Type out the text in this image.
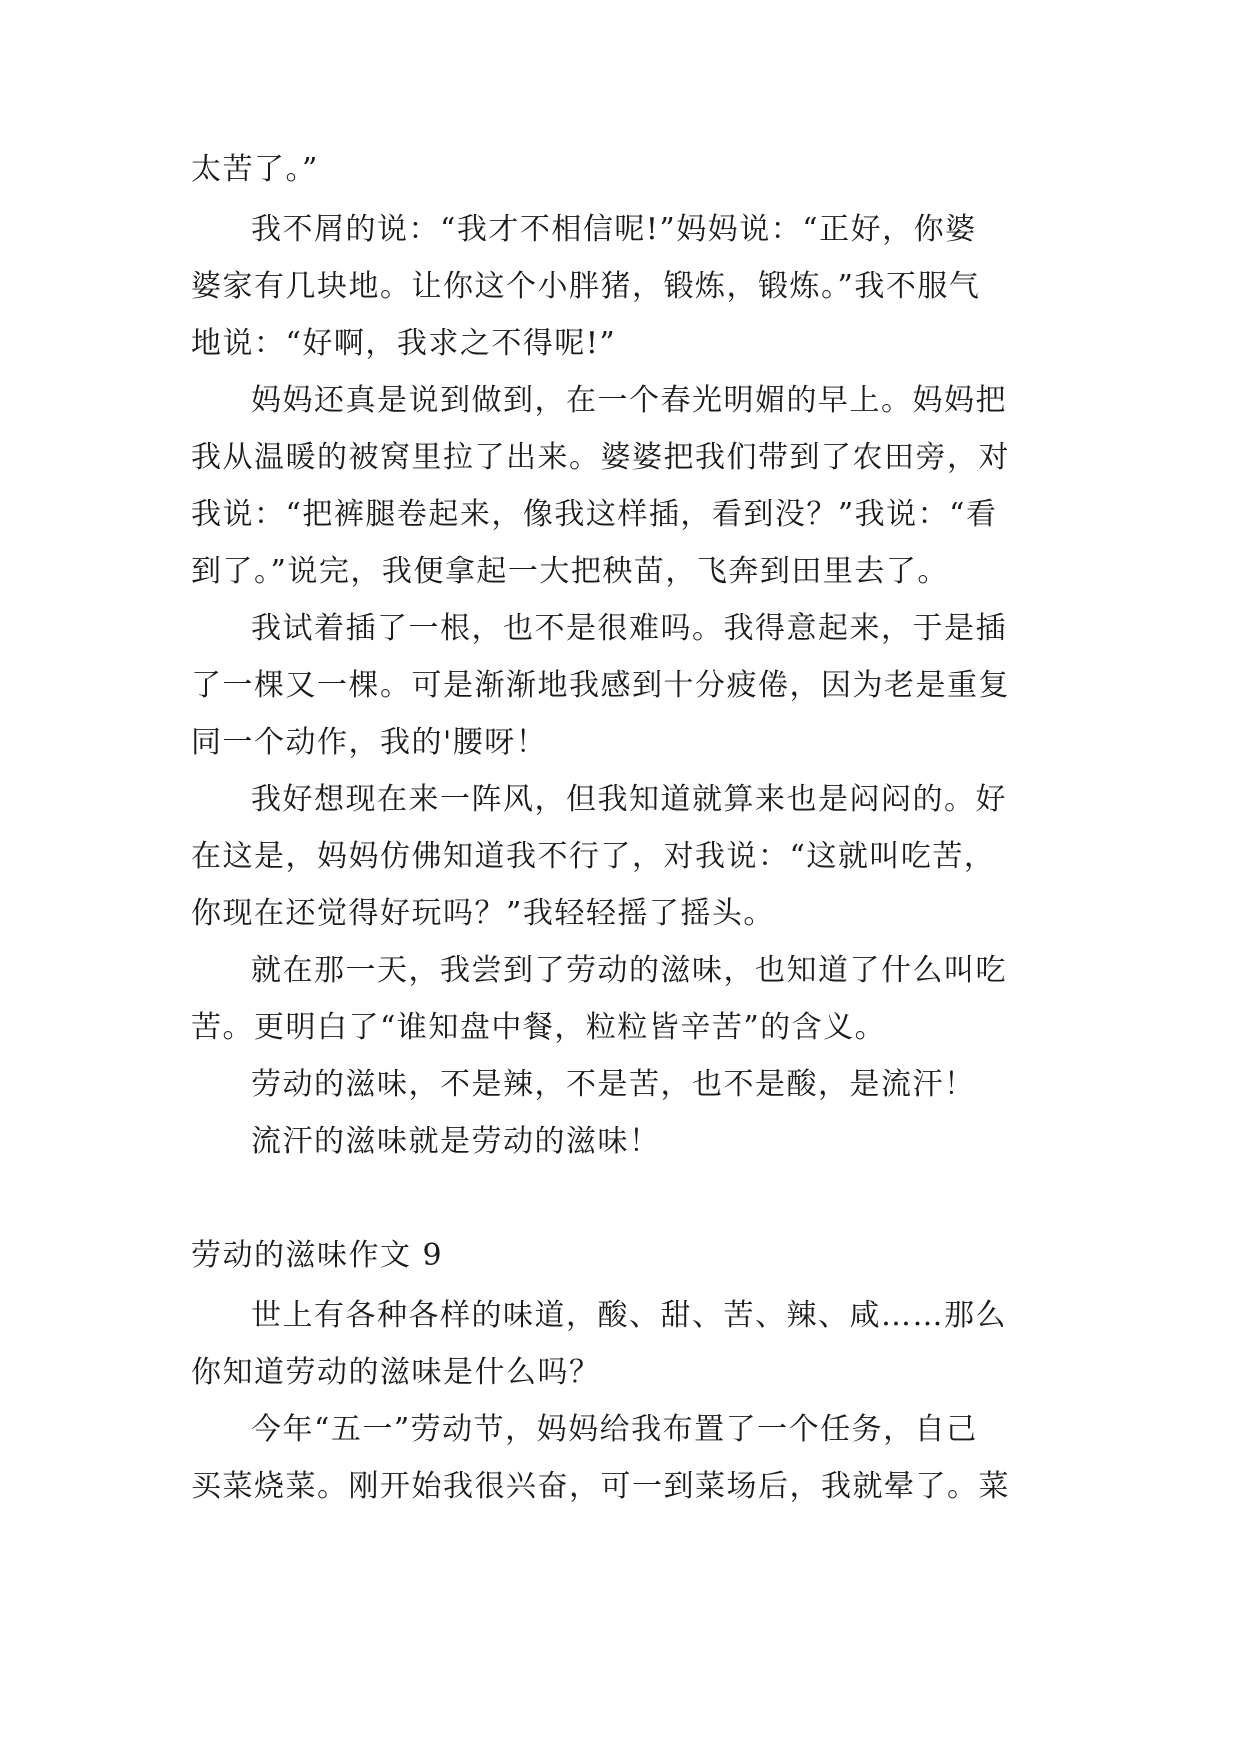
太苦了。”
我不屑的说：“我才不相信呢!”妈妈说：“正好，你婆
婆家有几块地。让你这个小胖猪，锻炼，锻炼。”我不服气
地说：“好啊，我求之不得呢!”
妈妈还真是说到做到，在一个春光明媚的早上。妈妈把
我从温暖的被窝里拉了出来。婆婆把我们带到了农田旁，对
我说：“把裤腿卷起来，像我这样插，看到没？”我说：“看
到了。”说完，我便拿起一大把秧苗，飞奔到田里去了。
我试着插了一根，也不是很难吗。我得意起来，于是插
了一棵又一棵。可是渐渐地我感到十分疲倦，因为老是重复
同一个动作，我的'腰呀！
我好想现在来一阵风，但我知道就算来也是闷闷的。好
在这是，妈妈仿佛知道我不行了，对我说：“这就叫吃苦，
你现在还觉得好玩吗？”我轻轻摇了摇头。
就在那一天，我尝到了劳动的滋味，也知道了什么叫吃
苦。更明白了“谁知盘中餐，粒粒皆辛苦”的含义。
劳动的滋味，不是辣，不是苦，也不是酸，是流汗！
流汗的滋味就是劳动的滋味！
劳动的滋味作文 9
世上有各种各样的味道，酸、甜、苦、辣、咸……那么
你知道劳动的滋味是什么吗？
今年“五一”劳动节，妈妈给我布置了一个任务，自己
买菜烧菜。刚开始我很兴奋，可一到菜场后，我就晕了。菜
